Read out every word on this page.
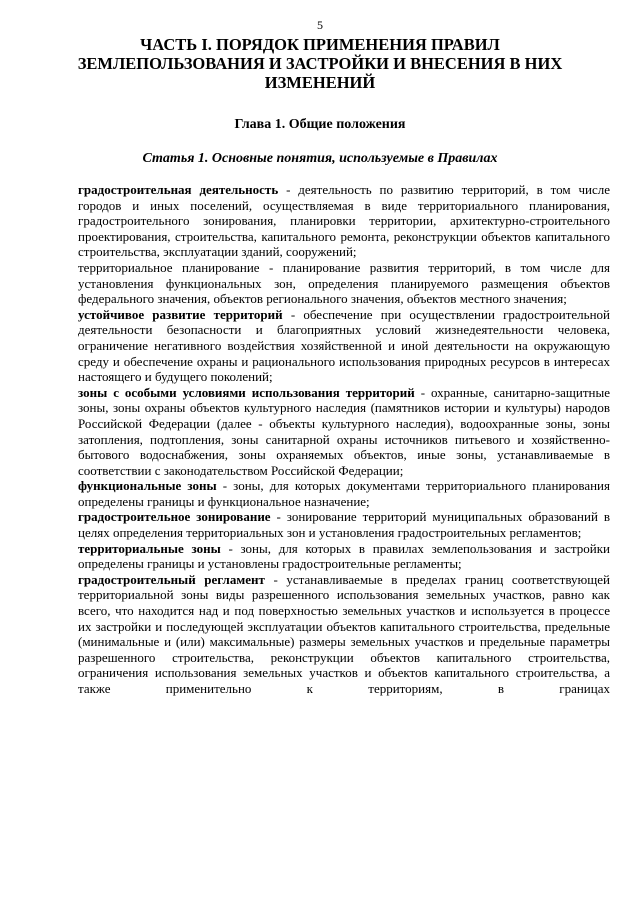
5
ЧАСТЬ I. ПОРЯДОК ПРИМЕНЕНИЯ ПРАВИЛ ЗЕМЛЕПОЛЬЗОВАНИЯ И ЗАСТРОЙКИ И ВНЕСЕНИЯ В НИХ ИЗМЕНЕНИЙ
Глава 1. Общие положения
Статья 1. Основные понятия, используемые в Правилах

градостроительная деятельность - деятельность по развитию территорий, в том числе городов и иных поселений, осуществляемая в виде территориального планирования, градостроительного зонирования, планировки территории, архитектурно-строительного проектирования, строительства, капитального ремонта, реконструкции объектов капитального строительства, эксплуатации зданий, сооружений;

территориальное планирование - планирование развития территорий, в том числе для установления функциональных зон, определения планируемого размещения объектов федерального значения, объектов регионального значения, объектов местного значения;

устойчивое развитие территорий - обеспечение при осуществлении градостроительной деятельности безопасности и благоприятных условий жизнедеятельности человека, ограничение негативного воздействия хозяйственной и иной деятельности на окружающую среду и обеспечение охраны и рационального использования природных ресурсов в интересах настоящего и будущего поколений;

зоны с особыми условиями использования территорий - охранные, санитарно-защитные зоны, зоны охраны объектов культурного наследия (памятников истории и культуры) народов Российской Федерации (далее - объекты культурного наследия), водоохранные зоны, зоны затопления, подтопления, зоны санитарной охраны источников питьевого и хозяйственно-бытового водоснабжения, зоны охраняемых объектов, иные зоны, устанавливаемые в соответствии с законодательством Российской Федерации;

функциональные зоны - зоны, для которых документами территориального планирования определены границы и функциональное назначение;

градостроительное зонирование - зонирование территорий муниципальных образований в целях определения территориальных зон и установления градостроительных регламентов;

территориальные зоны - зоны, для которых в правилах землепользования и застройки определены границы и установлены градостроительные регламенты;

градостроительный регламент - устанавливаемые в пределах границ соответствующей территориальной зоны виды разрешенного использования земельных участков, равно как всего, что находится над и под поверхностью земельных участков и используется в процессе их застройки и последующей эксплуатации объектов капитального строительства, предельные (минимальные и (или) максимальные) размеры земельных участков и предельные параметры разрешенного строительства, реконструкции объектов капитального строительства, ограничения использования земельных участков и объектов капитального строительства, а также применительно к территориям, в границах
